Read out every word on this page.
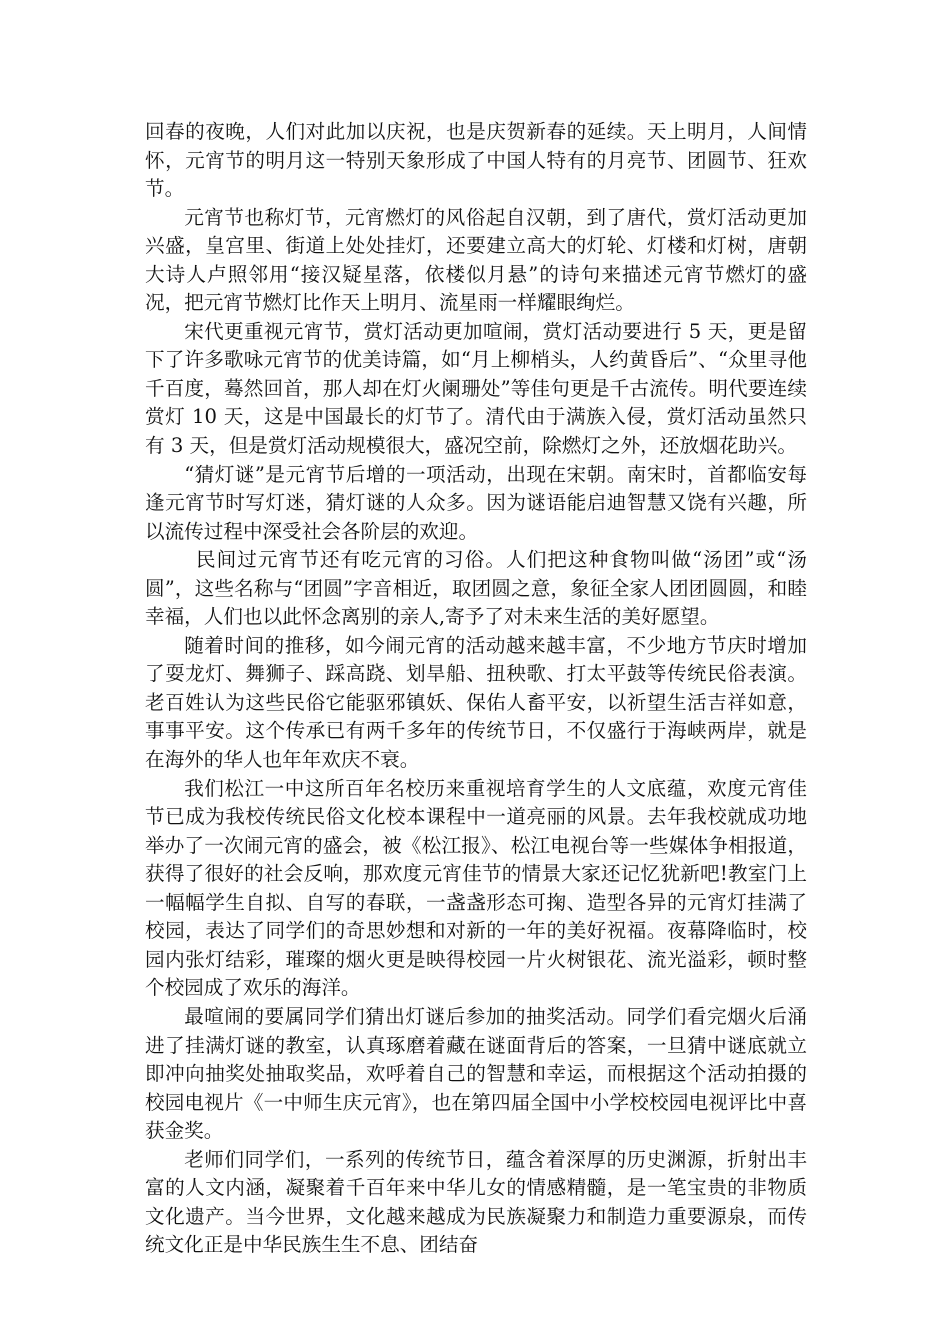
回春的夜晚，人们对此加以庆祝，也是庆贺新春的延续。天上明月，人间情怀，元宵节的明月这一特别天象形成了中国人特有的月亮节、团圆节、狂欢节。

元宵节也称灯节，元宵燃灯的风俗起自汉朝，到了唐代，赏灯活动更加兴盛，皇宫里、街道上处处挂灯，还要建立高大的灯轮、灯楼和灯树，唐朝大诗人卢照邻用“接汉疑星落，依楼似月悬”的诗句来描述元宵节燃灯的盛况，把元宵节燃灯比作天上明月、流星雨一样耀眼绚烂。

宋代更重视元宵节，赏灯活动更加喧闹，赏灯活动要进行 5 天，更是留下了许多歌咏元宵节的优美诗篇，如“月上柳梢头，人约黄昏后”、“众里寻他千百度，蓦然回首，那人却在灯火阑珊处”等佳句更是千古流传。明代要连续赏灯 10 天，这是中国最长的灯节了。清代由于满族入侵，赏灯活动虽然只有 3 天，但是赏灯活动规模很大，盛况空前，除燃灯之外，还放烟花助兴。

“猜灯谜”是元宵节后增的一项活动，出现在宋朝。南宋时，首都临安每逢元宵节时写灯迷，猜灯谜的人众多。因为谜语能启迪智慧又饶有兴趣，所以流传过程中深受社会各阶层的欢迎。

民间过元宵节还有吃元宵的习俗。人们把这种食物叫做“汤团”或“汤圆”，这些名称与“团圆”字音相近，取团圆之意，象征全家人团团圆圆，和睦幸福，人们也以此怀念离别的亲人,寄予了对未来生活的美好愿望。

随着时间的推移，如今闹元宵的活动越来越丰富，不少地方节庆时增加了耍龙灯、舞狮子、踩高跷、划旱船、扭秧歌、打太平鼓等传统民俗表演。老百姓认为这些民俗它能驱邪镇妖、保佑人畜平安，以祈望生活吉祥如意，事事平安。这个传承已有两千多年的传统节日，不仅盛行于海峡两岸，就是在海外的华人也年年欢庆不衰。

我们松江一中这所百年名校历来重视培育学生的人文底蕴，欢度元宵佳节已成为我校传统民俗文化校本课程中一道亮丽的风景。去年我校就成功地举办了一次闹元宵的盛会，被《松江报》、松江电视台等一些媒体争相报道，获得了很好的社会反响，那欢度元宵佳节的情景大家还记忆犹新吧!教室门上一幅幅学生自拟、自写的春联，一盏盏形态可掬、造型各异的元宵灯挂满了校园，表达了同学们的奇思妙想和对新的一年的美好祝福。夜幕降临时，校园内张灯结彩，璀璨的烟火更是映得校园一片火树银花、流光溢彩，顿时整个校园成了欢乐的海洋。

最喧闹的要属同学们猜出灯谜后参加的抽奖活动。同学们看完烟火后涌进了挂满灯谜的教室，认真琢磨着藏在谜面背后的答案，一旦猜中谜底就立即冲向抽奖处抽取奖品，欢呼着自己的智慧和幸运，而根据这个活动拍摄的校园电视片《一中师生庆元宵》，也在第四届全国中小学校校园电视评比中喜获金奖。

老师们同学们，一系列的传统节日，蕴含着深厚的历史渊源，折射出丰富的人文内涵，凝聚着千百年来中华儿女的情感精髓，是一笔宝贵的非物质文化遗产。当今世界，文化越来越成为民族凝聚力和制造力重要源泉，而传统文化正是中华民族生生不息、团结奋
